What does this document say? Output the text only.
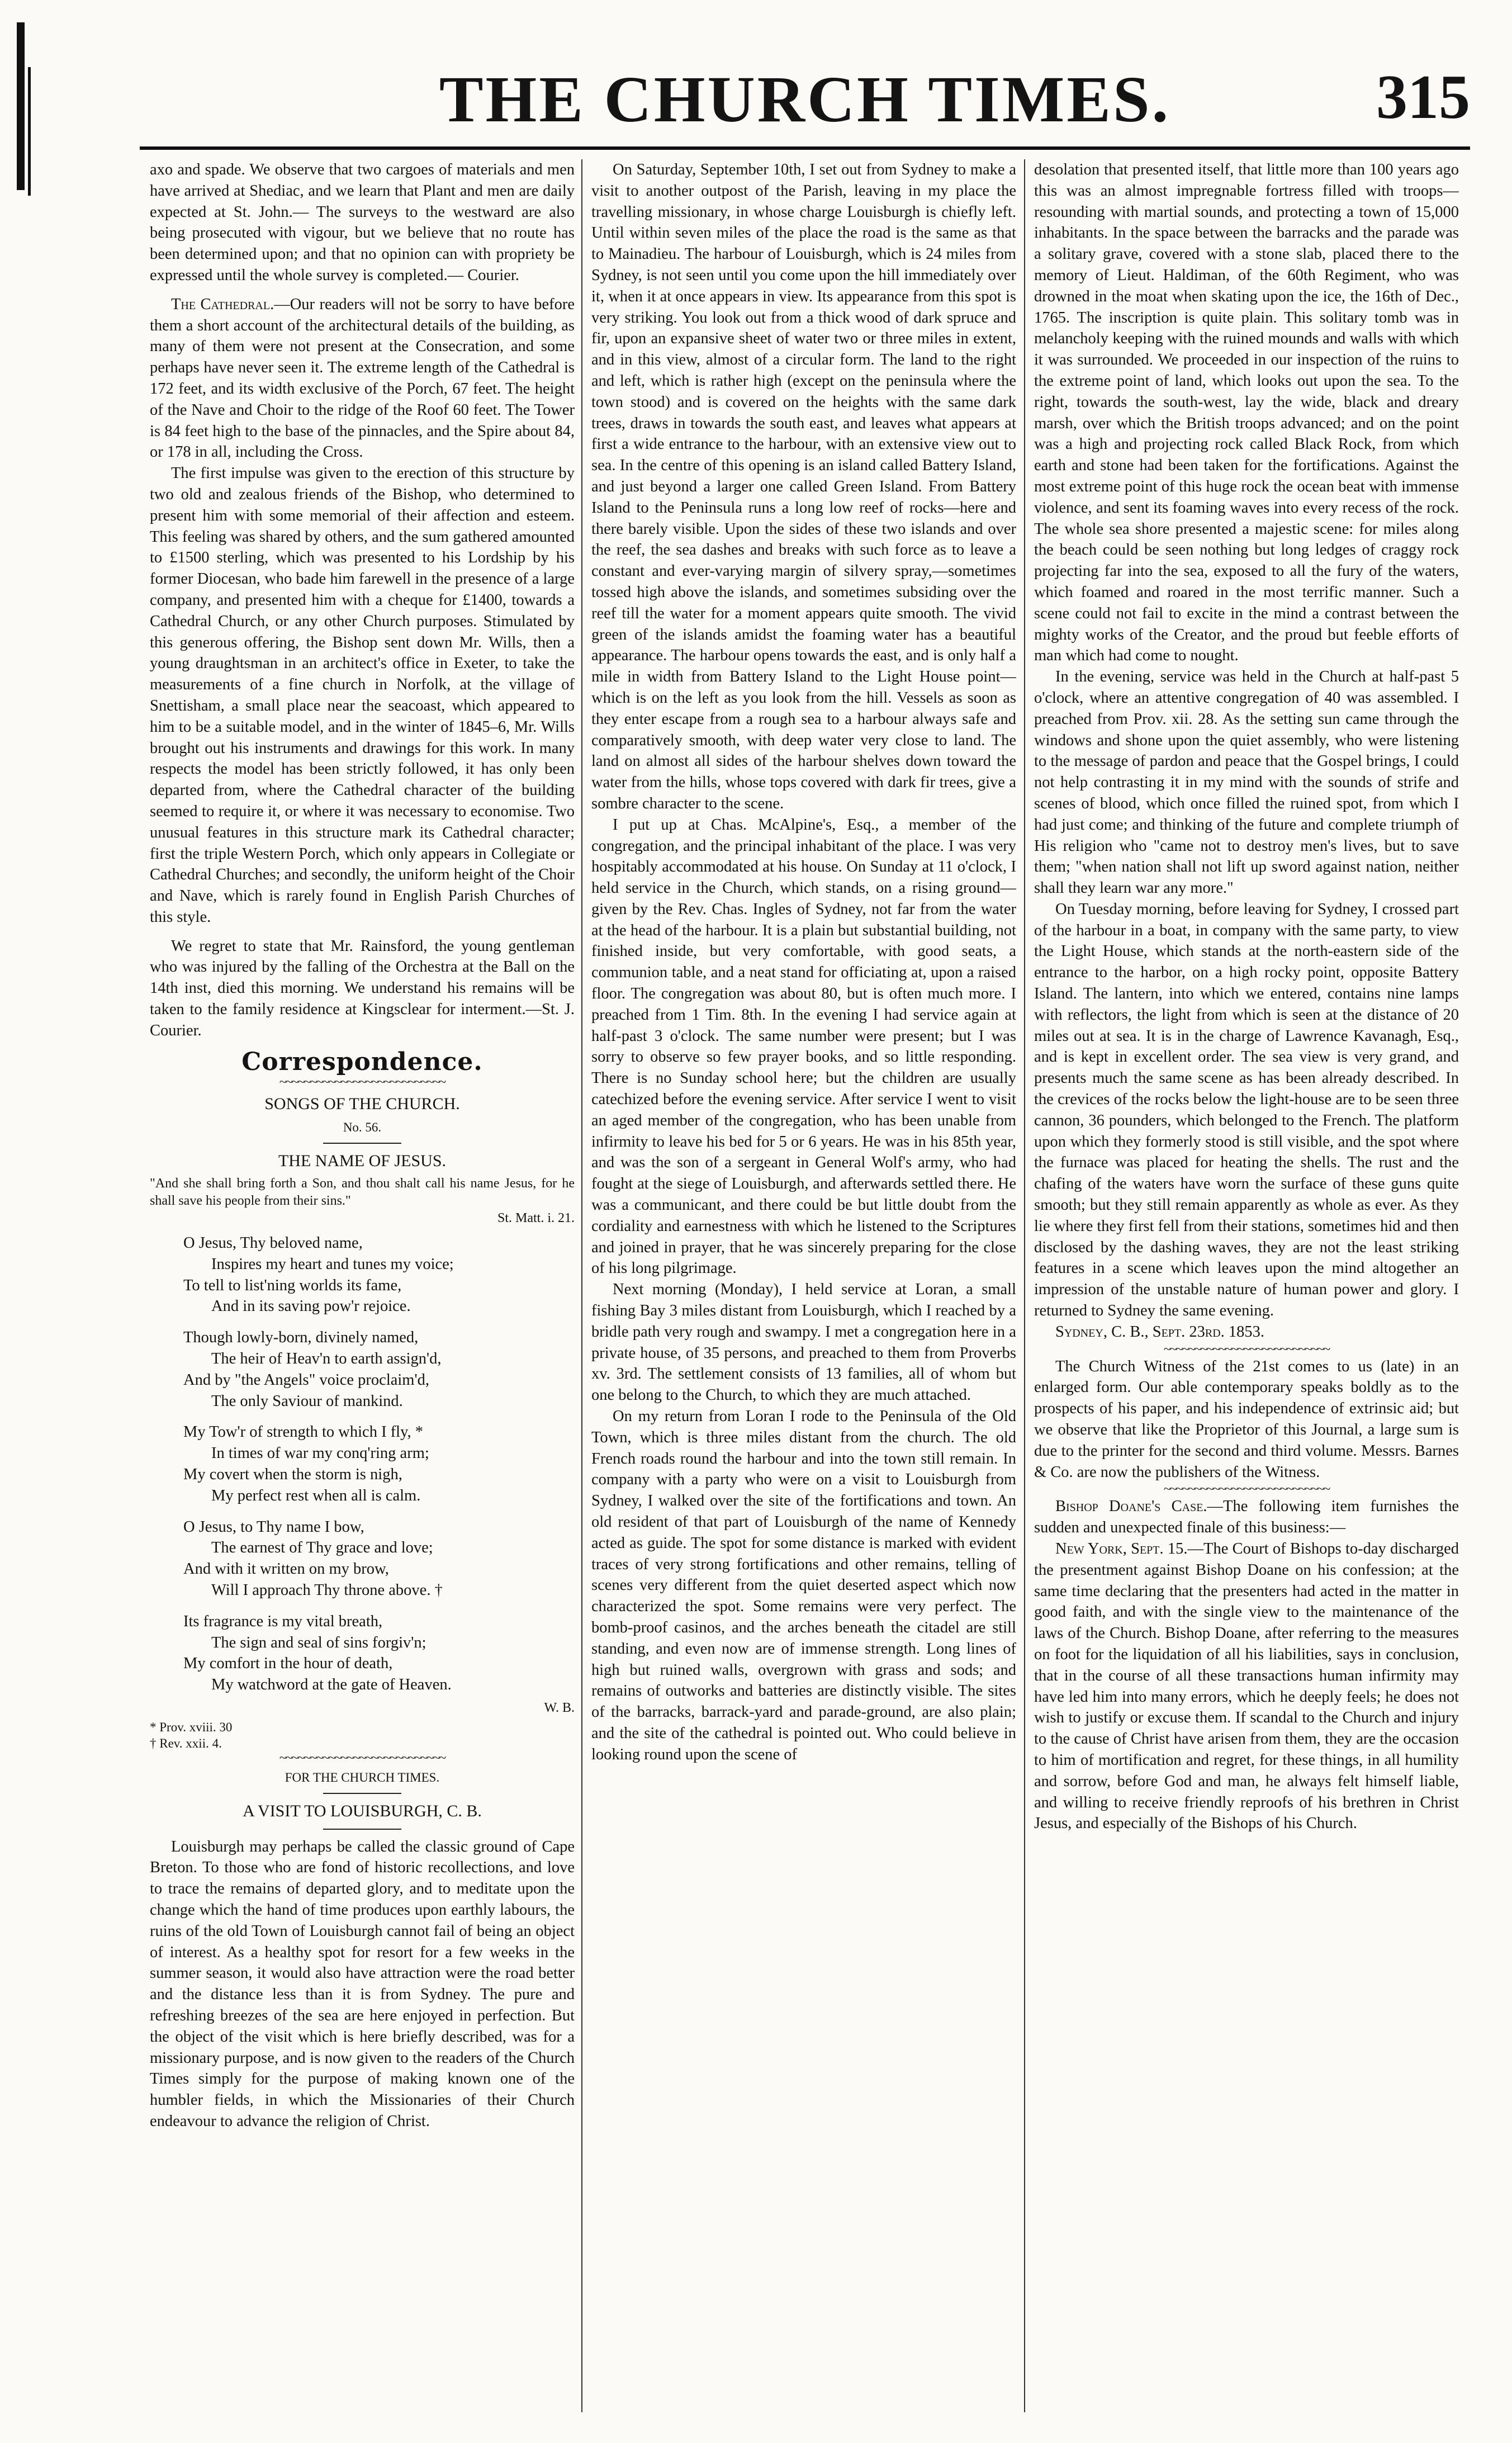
THE CHURCH TIMES.	315

axo and spade. We observe that two cargoes of materials and men have arrived at Shediac, and we learn that Plant and men are daily expected at St. John.— The surveys to the westward are also being prosecuted with vigour, but we believe that no route has been determined upon; and that no opinion can with propriety be expressed until the whole survey is completed.— Courier.

The Cathedral.—Our readers will not be sorry to have before them a short account of the architectural details of the building, as many of them were not present at the Consecration, and some perhaps have never seen it. The extreme length of the Cathedral is 172 feet, and its width exclusive of the Porch, 67 feet. The height of the Nave and Choir to the ridge of the Roof 60 feet. The Tower is 84 feet high to the base of the pinnacles, and the Spire about 84, or 178 in all, including the Cross.

The first impulse was given to the erection of this structure by two old and zealous friends of the Bishop, who determined to present him with some memorial of their affection and esteem. This feeling was shared by others, and the sum gathered amounted to £1500 sterling, which was presented to his Lordship by his former Diocesan, who bade him farewell in the presence of a large company, and presented him with a cheque for £1400, towards a Cathedral Church, or any other Church purposes. Stimulated by this generous offering, the Bishop sent down Mr. Wills, then a young draughtsman in an architect's office in Exeter, to take the measurements of a fine church in Norfolk, at the village of Snettisham, a small place near the seacoast, which appeared to him to be a suitable model, and in the winter of 1845–6, Mr. Wills brought out his instruments and drawings for this work. In many respects the model has been strictly followed, it has only been departed from, where the Cathedral character of the building seemed to require it, or where it was necessary to economise. Two unusual features in this structure mark its Cathedral character; first the triple Western Porch, which only appears in Collegiate or Cathedral Churches; and secondly, the uniform height of the Choir and Nave, which is rarely found in English Parish Churches of this style.

We regret to state that Mr. Rainsford, the young gentleman who was injured by the falling of the Orchestra at the Ball on the 14th inst, died this morning. We understand his remains will be taken to the family residence at Kingsclear for interment.—St. J. Courier.

Correspondence.
~~~~~~~~~~~~~~~~~~~~~~~~~~~
SONGS OF THE CHURCH.
No. 56.
THE NAME OF JESUS.
"And she shall bring forth a Son, and thou shalt call his name Jesus, for he shall save his people from their sins."
St. Matt. i. 21.
O Jesus, Thy beloved name,
Inspires my heart and tunes my voice;
To tell to list'ning worlds its fame,
And in its saving pow'r rejoice.
Though lowly-born, divinely named,
The heir of Heav'n to earth assign'd,
And by "the Angels" voice proclaim'd,
The only Saviour of mankind.
My Tow'r of strength to which I fly, *
In times of war my conq'ring arm;
My covert when the storm is nigh,
My perfect rest when all is calm.
O Jesus, to Thy name I bow,
The earnest of Thy grace and love;
And with it written on my brow,
Will I approach Thy throne above. †
Its fragrance is my vital breath,
The sign and seal of sins forgiv'n;
My comfort in the hour of death,
My watchword at the gate of Heaven.
W. B.
* Prov. xviii. 30
† Rev. xxii. 4.
~~~~~~~~~~~~~~~~~~~~~~~~~~~
FOR THE CHURCH TIMES.
A VISIT TO LOUISBURGH, C. B.

Louisburgh may perhaps be called the classic ground of Cape Breton. To those who are fond of historic recollections, and love to trace the remains of departed glory, and to meditate upon the change which the hand of time produces upon earthly labours, the ruins of the old Town of Louisburgh cannot fail of being an object of interest. As a healthy spot for resort for a few weeks in the summer season, it would also have attraction were the road better and the distance less than it is from Sydney. The pure and refreshing breezes of the sea are here enjoyed in perfection. But the object of the visit which is here briefly described, was for a missionary purpose, and is now given to the readers of the Church Times simply for the purpose of making known one of the humbler fields, in which the Missionaries of their Church endeavour to advance the religion of Christ.

On Saturday, September 10th, I set out from Sydney to make a visit to another outpost of the Parish, leaving in my place the travelling missionary, in whose charge Louisburgh is chiefly left. Until within seven miles of the place the road is the same as that to Mainadieu. The harbour of Louisburgh, which is 24 miles from Sydney, is not seen until you come upon the hill immediately over it, when it at once appears in view. Its appearance from this spot is very striking. You look out from a thick wood of dark spruce and fir, upon an expansive sheet of water two or three miles in extent, and in this view, almost of a circular form. The land to the right and left, which is rather high (except on the peninsula where the town stood) and is covered on the heights with the same dark trees, draws in towards the south east, and leaves what appears at first a wide entrance to the harbour, with an extensive view out to sea. In the centre of this opening is an island called Battery Island, and just beyond a larger one called Green Island. From Battery Island to the Peninsula runs a long low reef of rocks—here and there barely visible. Upon the sides of these two islands and over the reef, the sea dashes and breaks with such force as to leave a constant and ever-varying margin of silvery spray,—sometimes tossed high above the islands, and sometimes subsiding over the reef till the water for a moment appears quite smooth. The vivid green of the islands amidst the foaming water has a beautiful appearance. The harbour opens towards the east, and is only half a mile in width from Battery Island to the Light House point—which is on the left as you look from the hill. Vessels as soon as they enter escape from a rough sea to a harbour always safe and comparatively smooth, with deep water very close to land. The land on almost all sides of the harbour shelves down toward the water from the hills, whose tops covered with dark fir trees, give a sombre character to the scene.

I put up at Chas. McAlpine's, Esq., a member of the congregation, and the principal inhabitant of the place. I was very hospitably accommodated at his house. On Sunday at 11 o'clock, I held service in the Church, which stands, on a rising ground—given by the Rev. Chas. Ingles of Sydney, not far from the water at the head of the harbour. It is a plain but substantial building, not finished inside, but very comfortable, with good seats, a communion table, and a neat stand for officiating at, upon a raised floor. The congregation was about 80, but is often much more. I preached from 1 Tim. 8th. In the evening I had service again at half-past 3 o'clock. The same number were present; but I was sorry to observe so few prayer books, and so little responding. There is no Sunday school here; but the children are usually catechized before the evening service. After service I went to visit an aged member of the congregation, who has been unable from infirmity to leave his bed for 5 or 6 years. He was in his 85th year, and was the son of a sergeant in General Wolf's army, who had fought at the siege of Louisburgh, and afterwards settled there. He was a communicant, and there could be but little doubt from the cordiality and earnestness with which he listened to the Scriptures and joined in prayer, that he was sincerely preparing for the close of his long pilgrimage.

Next morning (Monday), I held service at Loran, a small fishing Bay 3 miles distant from Louisburgh, which I reached by a bridle path very rough and swampy. I met a congregation here in a private house, of 35 persons, and preached to them from Proverbs xv. 3rd. The settlement consists of 13 families, all of whom but one belong to the Church, to which they are much attached.

On my return from Loran I rode to the Peninsula of the Old Town, which is three miles distant from the church. The old French roads round the harbour and into the town still remain. In company with a party who were on a visit to Louisburgh from Sydney, I walked over the site of the fortifications and town. An old resident of that part of Louisburgh of the name of Kennedy acted as guide. The spot for some distance is marked with evident traces of very strong fortifications and other remains, telling of scenes very different from the quiet deserted aspect which now characterized the spot. Some remains were very perfect. The bomb-proof casinos, and the arches beneath the citadel are still standing, and even now are of immense strength. Long lines of high but ruined walls, overgrown with grass and sods; and remains of outworks and batteries are distinctly visible. The sites of the barracks, barrack-yard and parade-ground, are also plain; and the site of the cathedral is pointed out. Who could believe in looking round upon the scene of

desolation that presented itself, that little more than 100 years ago this was an almost impregnable fortress filled with troops—resounding with martial sounds, and protecting a town of 15,000 inhabitants. In the space between the barracks and the parade was a solitary grave, covered with a stone slab, placed there to the memory of Lieut. Haldiman, of the 60th Regiment, who was drowned in the moat when skating upon the ice, the 16th of Dec., 1765. The inscription is quite plain. This solitary tomb was in melancholy keeping with the ruined mounds and walls with which it was surrounded. We proceeded in our inspection of the ruins to the extreme point of land, which looks out upon the sea. To the right, towards the south-west, lay the wide, black and dreary marsh, over which the British troops advanced; and on the point was a high and projecting rock called Black Rock, from which earth and stone had been taken for the fortifications. Against the most extreme point of this huge rock the ocean beat with immense violence, and sent its foaming waves into every recess of the rock. The whole sea shore presented a majestic scene: for miles along the beach could be seen nothing but long ledges of craggy rock projecting far into the sea, exposed to all the fury of the waters, which foamed and roared in the most terrific manner. Such a scene could not fail to excite in the mind a contrast between the mighty works of the Creator, and the proud but feeble efforts of man which had come to nought.

In the evening, service was held in the Church at half-past 5 o'clock, where an attentive congregation of 40 was assembled. I preached from Prov. xii. 28. As the setting sun came through the windows and shone upon the quiet assembly, who were listening to the message of pardon and peace that the Gospel brings, I could not help contrasting it in my mind with the sounds of strife and scenes of blood, which once filled the ruined spot, from which I had just come; and thinking of the future and complete triumph of His religion who "came not to destroy men's lives, but to save them; "when nation shall not lift up sword against nation, neither shall they learn war any more."

On Tuesday morning, before leaving for Sydney, I crossed part of the harbour in a boat, in company with the same party, to view the Light House, which stands at the north-eastern side of the entrance to the harbor, on a high rocky point, opposite Battery Island. The lantern, into which we entered, contains nine lamps with reflectors, the light from which is seen at the distance of 20 miles out at sea. It is in the charge of Lawrence Kavanagh, Esq., and is kept in excellent order. The sea view is very grand, and presents much the same scene as has been already described. In the crevices of the rocks below the light-house are to be seen three cannon, 36 pounders, which belonged to the French. The platform upon which they formerly stood is still visible, and the spot where the furnace was placed for heating the shells. The rust and the chafing of the waters have worn the surface of these guns quite smooth; but they still remain apparently as whole as ever. As they lie where they first fell from their stations, sometimes hid and then disclosed by the dashing waves, they are not the least striking features in a scene which leaves upon the mind altogether an impression of the unstable nature of human power and glory. I returned to Sydney the same evening.

Sydney, C. B., Sept. 23rd. 1853.

~~~~~~~~~~~~~~~~~~~~~~~~~~~

The Church Witness of the 21st comes to us (late) in an enlarged form. Our able contemporary speaks boldly as to the prospects of his paper, and his independence of extrinsic aid; but we observe that like the Proprietor of this Journal, a large sum is due to the printer for the second and third volume. Messrs. Barnes & Co. are now the publishers of the Witness.

~~~~~~~~~~~~~~~~~~~~~~~~~~~

Bishop Doane's Case.—The following item furnishes the sudden and unexpected finale of this business:—

New York, Sept. 15.—The Court of Bishops to-day discharged the presentment against Bishop Doane on his confession; at the same time declaring that the presenters had acted in the matter in good faith, and with the single view to the maintenance of the laws of the Church. Bishop Doane, after referring to the measures on foot for the liquidation of all his liabilities, says in conclusion, that in the course of all these transactions human infirmity may have led him into many errors, which he deeply feels; he does not wish to justify or excuse them. If scandal to the Church and injury to the cause of Christ have arisen from them, they are the occasion to him of mortification and regret, for these things, in all humility and sorrow, before God and man, he always felt himself liable, and willing to receive friendly reproofs of his brethren in Christ Jesus, and especially of the Bishops of his Church.
